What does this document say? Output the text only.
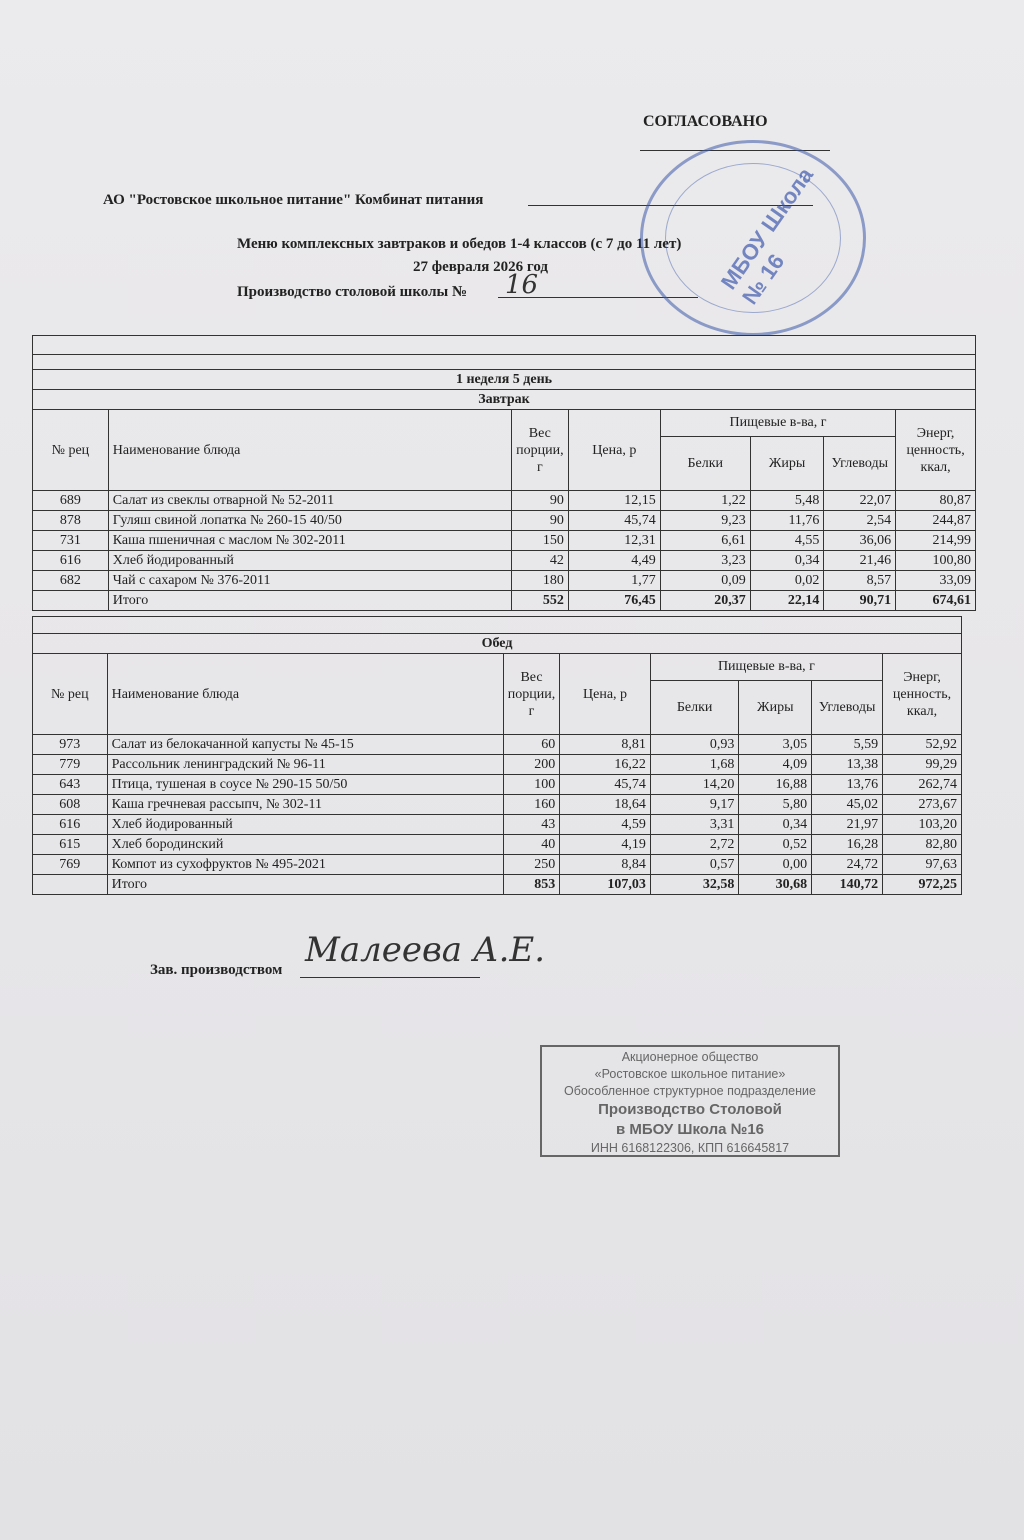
СОГЛАСОВАНО
АО "Ростовское школьное питание" Комбинат питания
Меню комплексных завтраков и обедов 1-4 классов (с 7 до 11 лет)
27 февраля 2026 год
Производство столовой школы № 16	МБОУ Школа № 16

1 неделя 5 день							
Завтрак							
№ рец	Наименование блюда	Вес порции, г	Цена, р	Пищевые в-ва, г			Энерг, ценность, ккал,
				Белки	Жиры	Углеводы	
689	Салат из свеклы отварной № 52-2011	90	12,15	1,22	5,48	22,07	80,87
878	Гуляш свиной лопатка № 260-15 40/50	90	45,74	9,23	11,76	2,54	244,87
731	Каша пшеничная с маслом № 302-2011	150	12,31	6,61	4,55	36,06	214,99
616	Хлеб йодированный	42	4,49	3,23	0,34	21,46	100,80
682	Чай с сахаром № 376-2011	180	1,77	0,09	0,02	8,57	33,09
	Итого	552	76,45	20,37	22,14	90,71	674,61

Обед							
№ рец	Наименование блюда	Вес порции, г	Цена, р	Пищевые в-ва, г			Энерг, ценность, ккал,
				Белки	Жиры	Углеводы	
973	Салат из белокачанной капусты № 45-15	60	8,81	0,93	3,05	5,59	52,92
779	Рассольник ленинградский № 96-11	200	16,22	1,68	4,09	13,38	99,29
643	Птица, тушеная в соусе № 290-15 50/50	100	45,74	14,20	16,88	13,76	262,74
608	Каша гречневая рассыпч, № 302-11	160	18,64	9,17	5,80	45,02	273,67
616	Хлеб йодированный	43	4,59	3,31	0,34	21,97	103,20
615	Хлеб бородинский	40	4,19	2,72	0,52	16,28	82,80
769	Компот из сухофруктов № 495-2021	250	8,84	0,57	0,00	24,72	97,63
	Итого	853	107,03	32,58	30,68	140,72	972,25
Зав. производством Малеева А.Е.
Акционерное общество
«Ростовское школьное питание»
Обособленное структурное подразделение
Производство Столовой
в МБОУ Школа №16
ИНН 6168122306, КПП 616645817
